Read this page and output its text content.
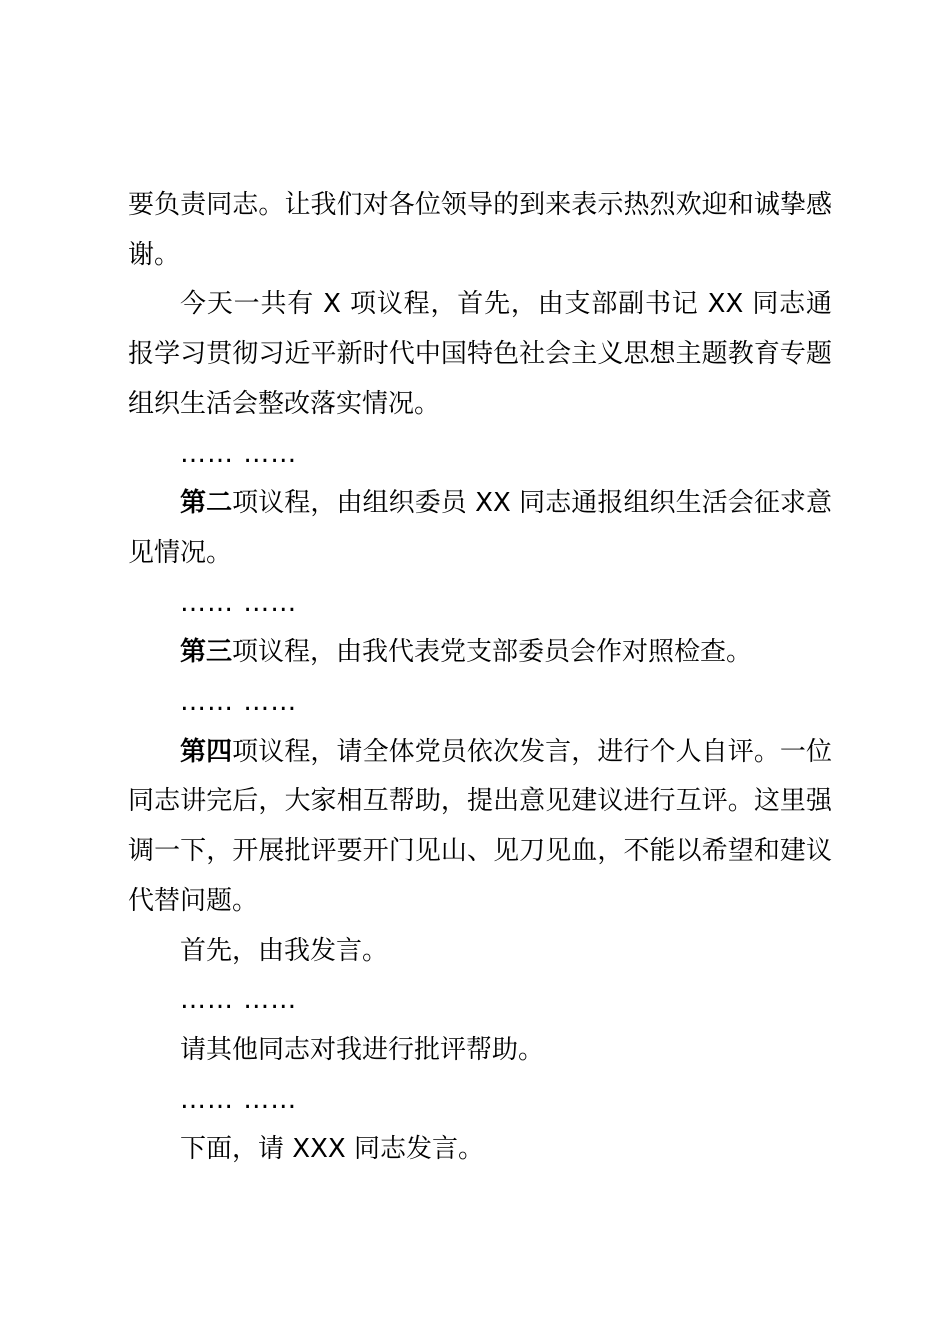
要负责同志。让我们对各位领导的到来表示热烈欢迎和诚挚感谢。

今天一共有 X 项议程，首先，由支部副书记 XX 同志通报学习贯彻习近平新时代中国特色社会主义思想主题教育专题组织生活会整改落实情况。

…… ……

第二项议程，由组织委员 XX 同志通报组织生活会征求意见情况。

…… ……

第三项议程，由我代表党支部委员会作对照检查。

…… ……

第四项议程，请全体党员依次发言，进行个人自评。一位同志讲完后，大家相互帮助，提出意见建议进行互评。这里强调一下，开展批评要开门见山、见刀见血，不能以希望和建议代替问题。

首先，由我发言。

…… ……

请其他同志对我进行批评帮助。

…… ……

下面，请 XXX 同志发言。
